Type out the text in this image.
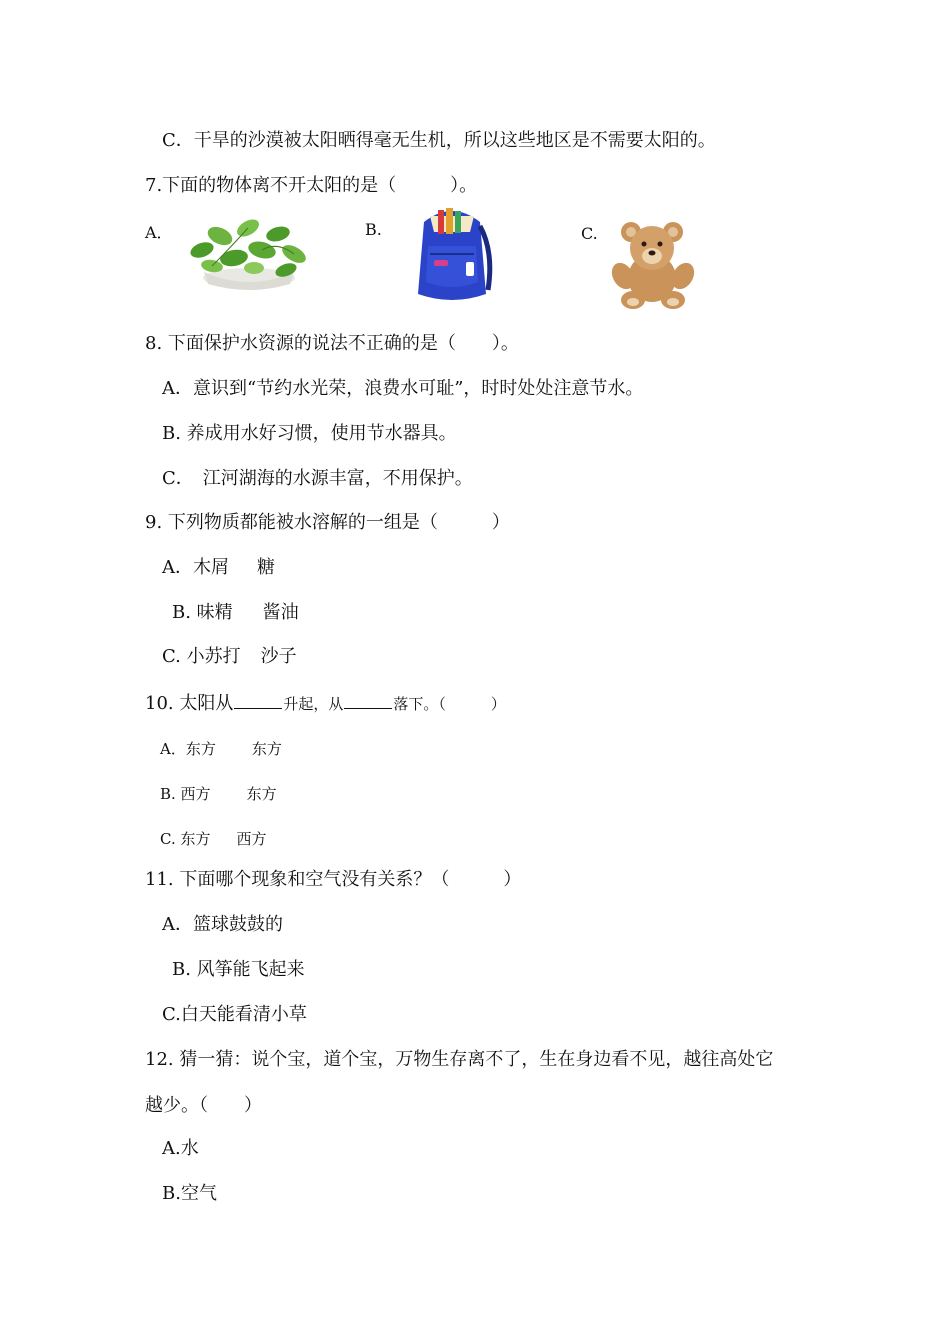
C．干旱的沙漠被太阳晒得毫无生机，所以这些地区是不需要太阳的。
7.下面的物体离不开太阳的是（　　　）。
A．	B.	C.
8. 下面保护水资源的说法不正确的是（　　）。
A．意识到“节约水光荣，浪费水可耻”，时时处处注意节水。
B. 养成用水好习惯，使用节水器具。
C．　江河湖海的水源丰富，不用保护。
9. 下列物质都能被水溶解的一组是（　　　）
A．木屑 糖
B. 味精 酱油
C. 小苏打 沙子
10. 太阳从	升起，从	落下。（　　　）
A．东方 东方
B. 西方 东方
C. 东方 西方
11. 下面哪个现象和空气没有关系？（　　　）
A．篮球鼓鼓的
B. 风筝能飞起来
C.白天能看清小草
12. 猜一猜：说个宝，道个宝，万物生存离不了，生在身边看不见，越往高处它
越少。（　　）
A.水
B.空气
